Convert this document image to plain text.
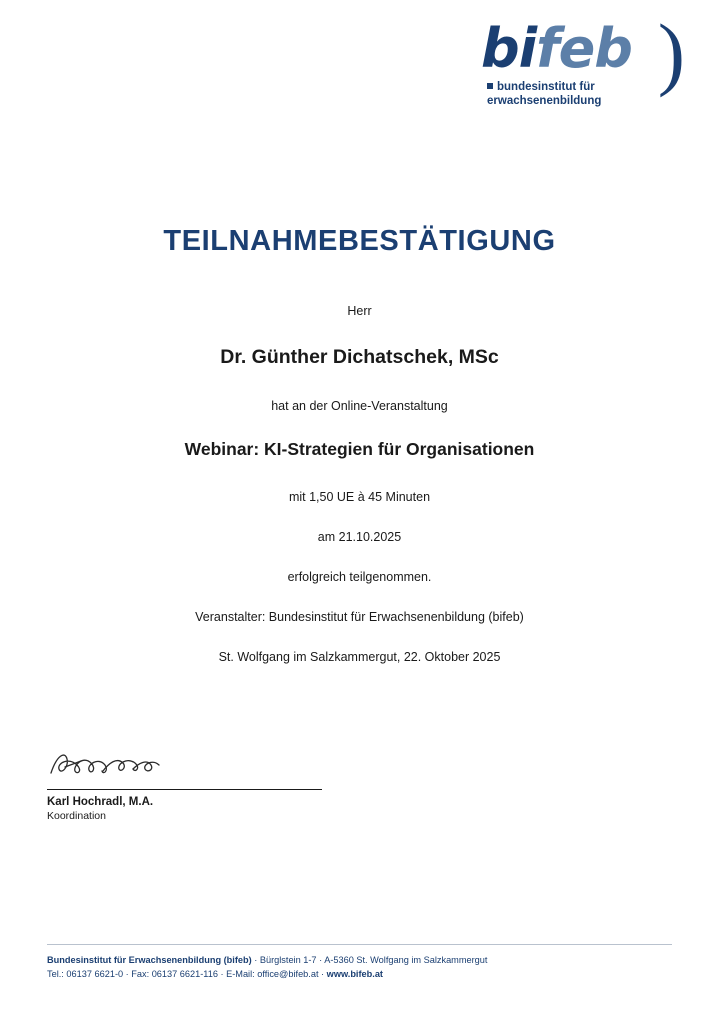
bifeb )
bundesinstitut für
erwachsenenbildung
TEILNAHMEBESTÄTIGUNG

Herr

Dr. Günther Dichatschek, MSc

hat an der Online-Veranstaltung

Webinar: KI-Strategien für Organisationen

mit 1,50 UE à 45 Minuten

am 21.10.2025

erfolgreich teilgenommen.

Veranstalter: Bundesinstitut für Erwachsenenbildung (bifeb)

St. Wolfgang im Salzkammergut, 22. Oktober 2025

Karl Hochradl, M.A.
Koordination
Bundesinstitut für Erwachsenenbildung (bifeb) · Bürglstein 1-7 · A-5360 St. Wolfgang im Salzkammergut
Tel.: 06137 6621-0 · Fax: 06137 6621-116 · E-Mail: office@bifeb.at · www.bifeb.at
